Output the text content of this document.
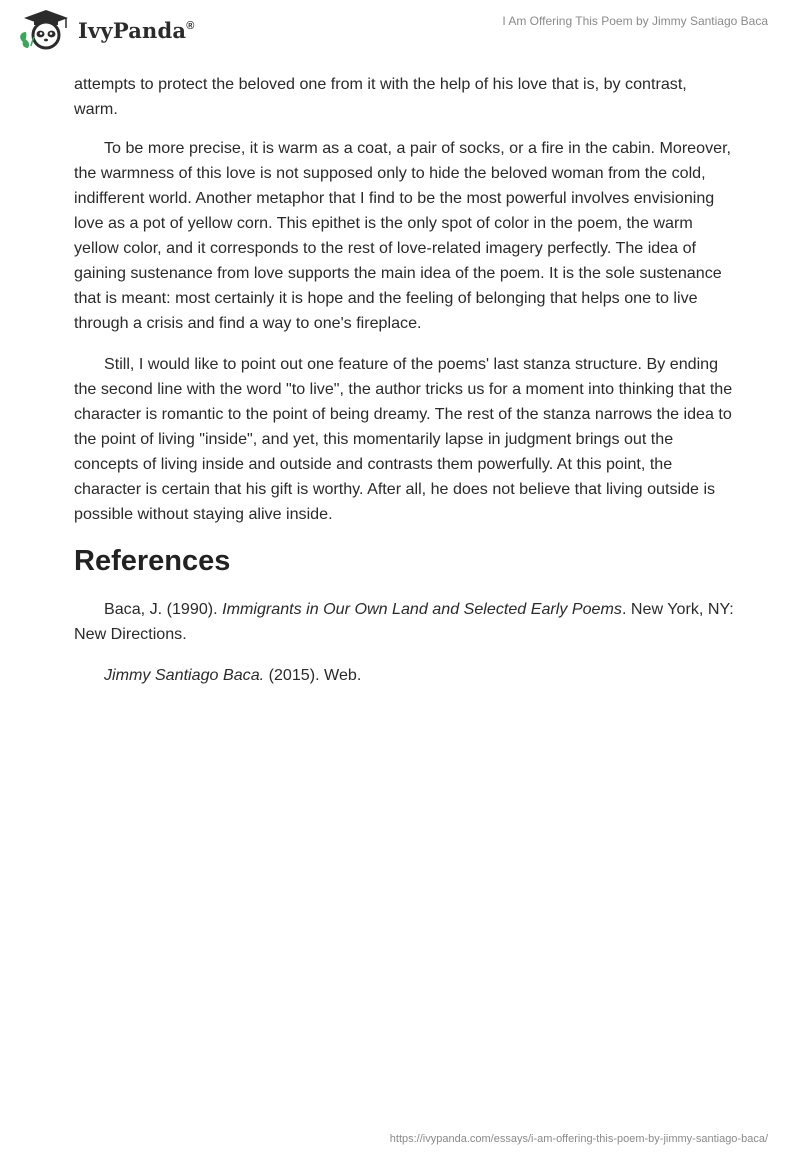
IvyPanda®	I Am Offering This Poem by Jimmy Santiago Baca

attempts to protect the beloved one from it with the help of his love that is, by contrast, warm.

To be more precise, it is warm as a coat, a pair of socks, or a fire in the cabin. Moreover, the warmness of this love is not supposed only to hide the beloved woman from the cold, indifferent world. Another metaphor that I find to be the most powerful involves envisioning love as a pot of yellow corn. This epithet is the only spot of color in the poem, the warm yellow color, and it corresponds to the rest of love-related imagery perfectly. The idea of gaining sustenance from love supports the main idea of the poem. It is the sole sustenance that is meant: most certainly it is hope and the feeling of belonging that helps one to live through a crisis and find a way to one's fireplace.

Still, I would like to point out one feature of the poems' last stanza structure. By ending the second line with the word "to live", the author tricks us for a moment into thinking that the character is romantic to the point of being dreamy. The rest of the stanza narrows the idea to the point of living "inside", and yet, this momentarily lapse in judgment brings out the concepts of living inside and outside and contrasts them powerfully. At this point, the character is certain that his gift is worthy. After all, he does not believe that living outside is possible without staying alive inside.

References

Baca, J. (1990). Immigrants in Our Own Land and Selected Early Poems. New York, NY: New Directions.

Jimmy Santiago Baca. (2015). Web.

https://ivypanda.com/essays/i-am-offering-this-poem-by-jimmy-santiago-baca/
